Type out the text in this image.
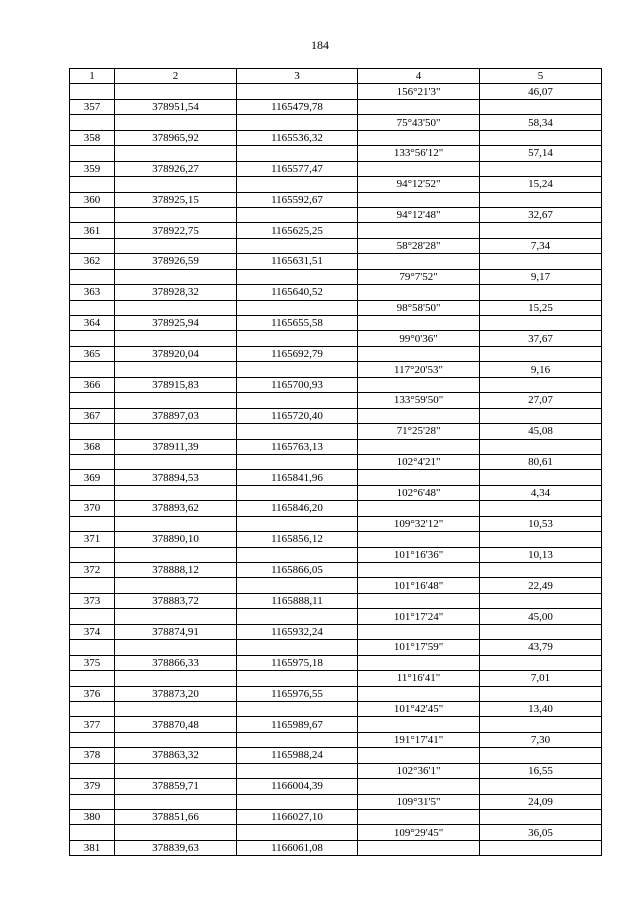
184
1	2	3	4	5
			156°21'3"	46,07
357	378951,54	1165479,78		
			75°43'50"	58,34
358	378965,92	1165536,32		
			133°56'12"	57,14
359	378926,27	1165577,47		
			94°12'52"	15,24
360	378925,15	1165592,67		
			94°12'48"	32,67
361	378922,75	1165625,25		
			58°28'28"	7,34
362	378926,59	1165631,51		
			79°7'52"	9,17
363	378928,32	1165640,52		
			98°58'50"	15,25
364	378925,94	1165655,58		
			99°0'36"	37,67
365	378920,04	1165692,79		
			117°20'53"	9,16
366	378915,83	1165700,93		
			133°59'50"	27,07
367	378897,03	1165720,40		
			71°25'28"	45,08
368	378911,39	1165763,13		
			102°4'21"	80,61
369	378894,53	1165841,96		
			102°6'48"	4,34
370	378893,62	1165846,20		
			109°32'12"	10,53
371	378890,10	1165856,12		
			101°16'36"	10,13
372	378888,12	1165866,05		
			101°16'48"	22,49
373	378883,72	1165888,11		
			101°17'24"	45,00
374	378874,91	1165932,24		
			101°17'59"	43,79
375	378866,33	1165975,18		
			11°16'41"	7,01
376	378873,20	1165976,55		
			101°42'45"	13,40
377	378870,48	1165989,67		
			191°17'41"	7,30
378	378863,32	1165988,24		
			102°36'1"	16,55
379	378859,71	1166004,39		
			109°31'5"	24,09
380	378851,66	1166027,10		
			109°29'45"	36,05
381	378839,63	1166061,08		
